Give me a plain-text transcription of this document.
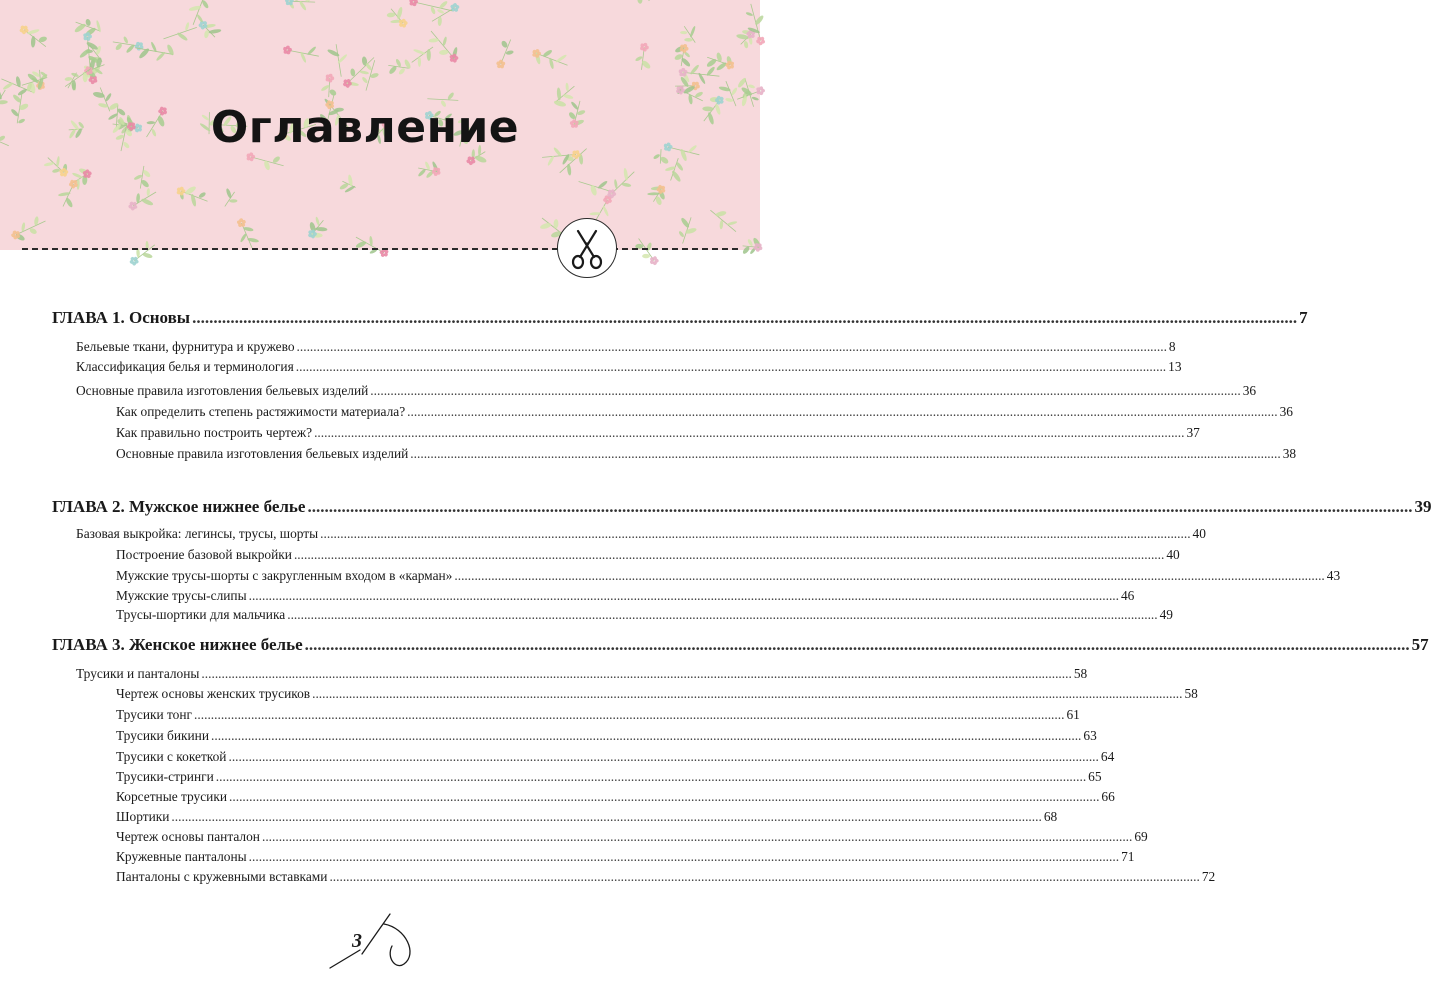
Оглавление
ГЛАВА 1. Основы .................................................................................................................................................................................................................................................................... 7
Бельевые ткани, фурнитура и кружево .................................................................................................................................................................................................................................................................... 8
Классификация белья и терминология .................................................................................................................................................................................................................................................................... 13
Основные правила изготовления бельевых изделий .................................................................................................................................................................................................................................................................... 36
Как определить степень растяжимости материала? .................................................................................................................................................................................................................................................................... 36
Как правильно построить чертеж? .................................................................................................................................................................................................................................................................... 37
Основные правила изготовления бельевых изделий .................................................................................................................................................................................................................................................................... 38
ГЛАВА 2. Мужское нижнее белье .................................................................................................................................................................................................................................................................... 39
Базовая выкройка: легинсы, трусы, шорты .................................................................................................................................................................................................................................................................... 40
Построение базовой выкройки .................................................................................................................................................................................................................................................................... 40
Мужские трусы-шорты с закругленным входом в «карман» .................................................................................................................................................................................................................................................................... 43
Мужские трусы-слипы .................................................................................................................................................................................................................................................................... 46
Трусы-шортики для мальчика .................................................................................................................................................................................................................................................................... 49
ГЛАВА 3. Женское нижнее белье .................................................................................................................................................................................................................................................................... 57
Трусики и панталоны .................................................................................................................................................................................................................................................................... 58
Чертеж основы женских трусиков .................................................................................................................................................................................................................................................................... 58
Трусики тонг .................................................................................................................................................................................................................................................................... 61
Трусики бикини .................................................................................................................................................................................................................................................................... 63
Трусики с кокеткой .................................................................................................................................................................................................................................................................... 64
Трусики-стринги .................................................................................................................................................................................................................................................................... 65
Корсетные трусики .................................................................................................................................................................................................................................................................... 66
Шортики .................................................................................................................................................................................................................................................................... 68
Чертеж основы панталон .................................................................................................................................................................................................................................................................... 69
Кружевные панталоны .................................................................................................................................................................................................................................................................... 71
Панталоны с кружевными вставками .................................................................................................................................................................................................................................................................... 72
3
